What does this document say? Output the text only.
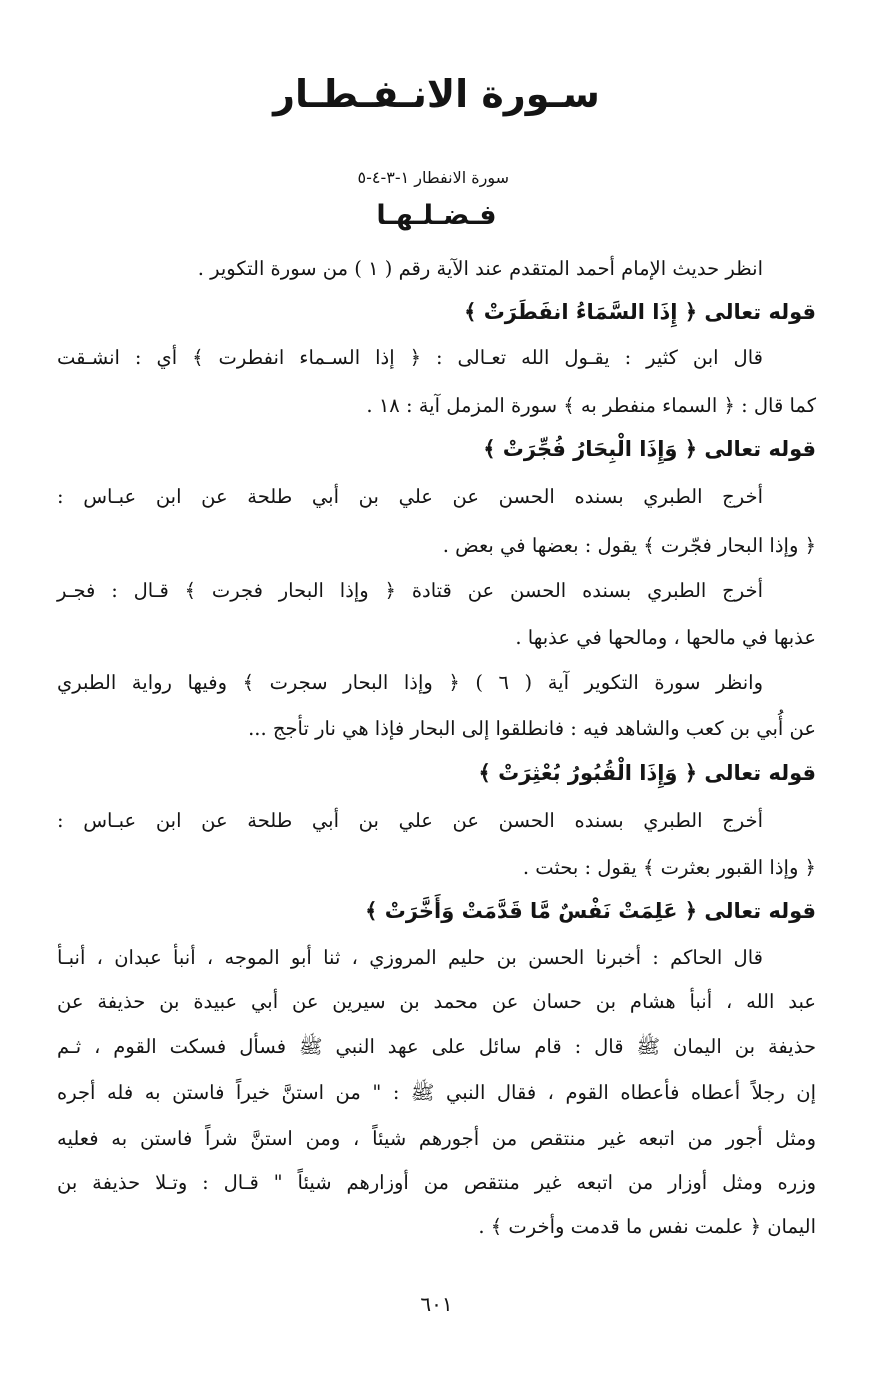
سـورة الانـفـطـار
سورة الانفطار ١-٣-٤-٥
فـضـلـهـا
انظر حديث الإمام أحمد المتقدم عند الآية رقم ( ١ ) من سورة التكوير .
قوله تعالى ﴿ إِذَا السَّمَاءُ انفَطَرَتْ ﴾
قال ابن كثير : يقـول الله تعـالى : ﴿ إذا السـماء انفطرت ﴾ أي : انشـقت
كما قال : ﴿ السماء منفطر به ﴾ سورة المزمل آية : ١٨ .
قوله تعالى ﴿ وَإِذَا الْبِحَارُ فُجِّرَتْ ﴾
أخرج الطبري بسنده الحسن عن علي بن أبي طلحة عن ابن عبـاس :
﴿ وإذا البحار فجّرت ﴾ يقول : بعضها في بعض .
أخرج الطبري بسنده الحسن عن قتادة ﴿ وإذا البحار فجرت ﴾ قـال : فجـر
عذبها في مالحها ، ومالحها في عذبها .
وانظر سورة التكوير آية ( ٦ ) ﴿ وإذا البحار سجرت ﴾ وفيها رواية الطبري
عن أُبي بن كعب والشاهد فيه : فانطلقوا إلى البحار فإذا هي نار تأجج ...
قوله تعالى ﴿ وَإِذَا الْقُبُورُ بُعْثِرَتْ ﴾
أخرج الطبري بسنده الحسن عن علي بن أبي طلحة عن ابن عبـاس :
﴿ وإذا القبور بعثرت ﴾ يقول : بحثت .
قوله تعالى ﴿ عَلِمَتْ نَفْسٌ مَّا قَدَّمَتْ وَأَخَّرَتْ ﴾
قال الحاكم : أخبرنا الحسن بن حليم المروزي ، ثنا أبو الموجه ، أنبأ عبدان ، أنبـأ
عبد الله ، أنبأ هشام بن حسان عن محمد بن سيرين عن أبي عبيدة بن حذيفة عن
حذيفة بن اليمان ﷺ قال : قام سائل على عهد النبي ﷺ فسأل فسكت القوم ، ثـم
إن رجلاً أعطاه فأعطاه القوم ، فقال النبي ﷺ : " من استنَّ خيراً فاستن به فله أجره
ومثل أجور من اتبعه غير منتقص من أجورهم شيئاً ، ومن استنَّ شراً فاستن به فعليه
وزره ومثل أوزار من اتبعه غير منتقص من أوزارهم شيئاً " قـال : وتـلا حذيفة بن
اليمان ﴿ علمت نفس ما قدمت وأخرت ﴾ .
٦٠١
